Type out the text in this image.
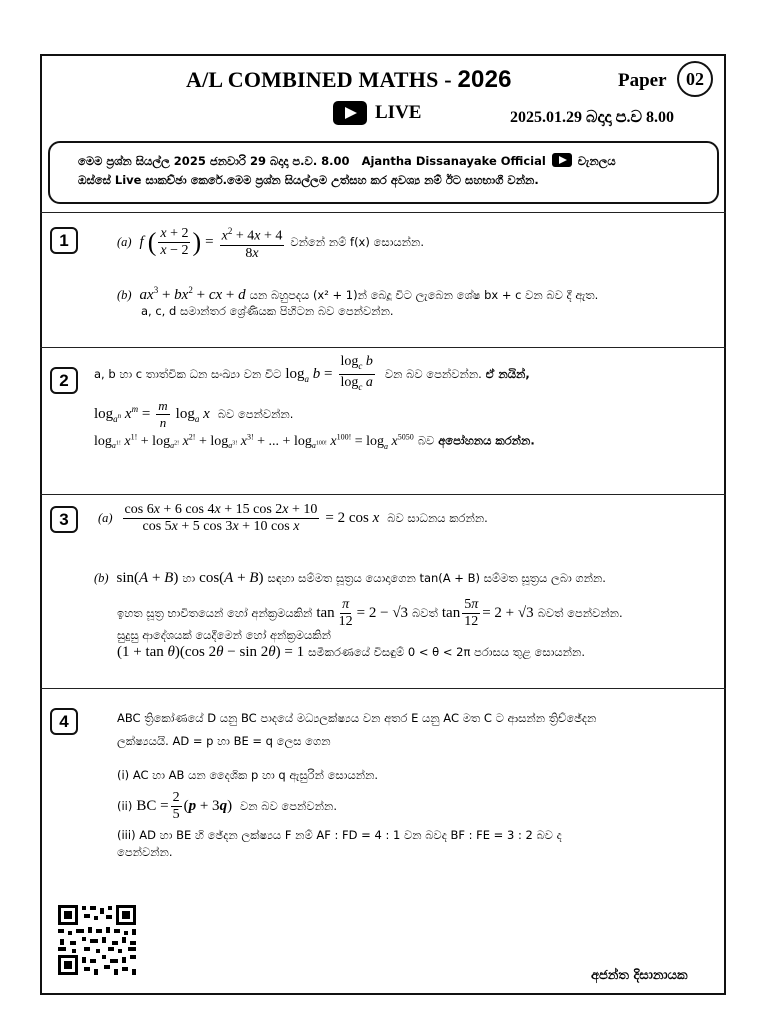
A/L COMBINED MATHS - 2026	Paper	02
LIVE	2025.01.29 බදාදා ප.ව 8.00
මෙම ප්‍රශ්න සියල්ල 2025 ජනවාරි 29 බදාදා ප.ව. 8.00 Ajantha Dissanayake Official	චැනලය
ඔස්සේ Live සාකච්ඡා කෙරේ.මෙම ප්‍රශ්න සියල්ලම උත්සහ කර අවශ්‍ය නම් ඊට සහභාගී වන්න.
1	(a) f ( $\frac{x + 2}{x - 2}$ ) = $\frac{x^2 + 4x + 4}{8x}$ වන්නේ නම් f(x) සොයන්න.
(b) $ax^3 + bx^2$ + cx + d යන බහුපදය (x² + 1)න් බෙදූ විට ලැබෙන ශේෂ bx + c වන බව දී ඇත.
a, c, d සමාන්තර ශ්‍රේණියක පිහිටන බව පෙන්වන්න.
2	a, b හා c තාත්වික ධන සංඛ්‍යා වන විට $\log_a b = \frac{\log_c b}{\log_c a}$ වන බව පෙන්වන්න. ඒ නයින්,
$\log_{a^n} x^m = \frac{m}{n} \log_a x$ බව පෙන්වන්න.
$\log_{a^{1!}} x^{1!} + \log_{a^{2!}} x^{2!} + \log_{a^{3!}} x^{3!}$ + ... + $\log_{a^{100!}} x^{100!} = \log_a x^{5050}$ බව අපෝහනය කරන්න.
3	$(a) \frac{\cos 6x + 6 \cos 4x + 15 \cos 2x + 10}{\text{cos 5x + 5 cos 3x + 10 cos x}} = 2$ cos x බව සාධනය කරන්න.
(b) sin(A + B) හා cos(A + B) සඳහා සම්මත සූත්‍රය යොදාගෙන tan(A + B) සම්මත සූත්‍රය ලබා ගන්න.
ඉහත සූත්‍ර භාවිතයෙන් හෝ අන්ක්‍රමයකින් $\tan \frac{\pi}{12} = 2 - √3$ බවත් $\tan \frac{5\pi}{12} = 2 + √3$ බවත් පෙන්වන්න.
සුදුසු ආදේශයක් යෙදීමෙන් හෝ අන්ක්‍රමයකින්
(1 + tan θ)(cos 2θ − sin 2θ) = 1 සමීකරණයේ විසඳුම් 0 < θ < 2π පරාසය තුළ සොයන්න.
4	ABC ත්‍රිකෝණයේ D යනු BC පාදයේ මධ්‍යලක්ෂ්‍යය වන අතර E යනු AC මත C ට ආසන්න ත්‍රිච්ඡේදන
ලක්ෂ්‍යයයි. AD = p හා BE = q ලෙස ගෙන
(i) AC හා AB යන දෛශික p හා q ඇසුරින් සොයන්න.
(ii) BC = $\frac{2}{5} (p + 3q)$ වන බව පෙන්වන්න.
(iii) AD හා BE හි ඡේදන ලක්ෂ්‍යය F නම් AF : FD = 4 : 1 වන බවද BF : FE = 3 : 2 බව ද
පෙන්වන්න.
අජන්ත දිසානායක
